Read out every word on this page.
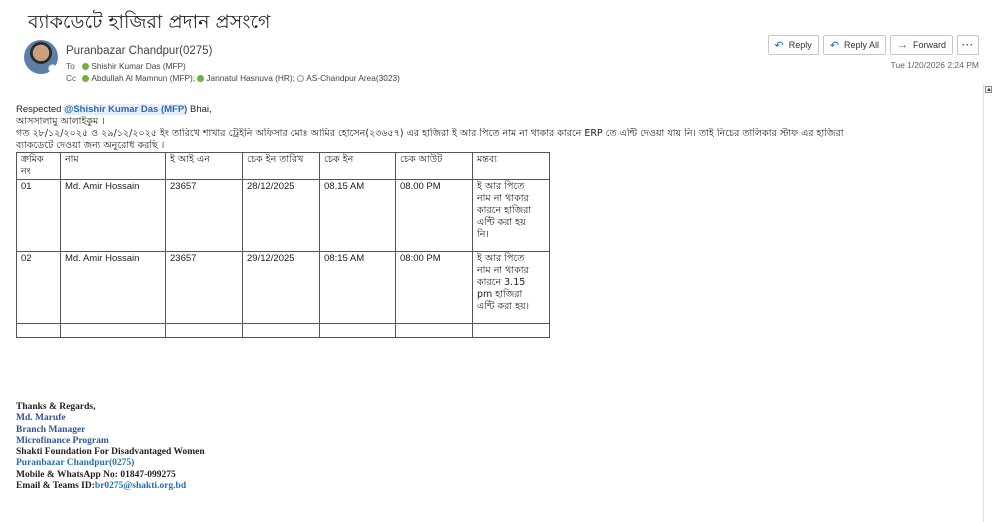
ব্যাকডেটে হাজিরা প্রদান প্রসংগে
Puranbazar Chandpur(0275)
To Shishir Kumar Das (MFP)
Cc Abdullah Al Mamnun (MFP); Jannatul Hasnuva (HR); AS-Chandpur Area(3023)
↶ Reply ↶ Reply All → Forward	···
Tue 1/20/2026 2:24 PM
Respected @Shishir Kumar Das (MFP) Bhai,
আসসালামু আলাইকুম ।
গত ২৮/১২/২০২৫ ও ২৯/১২/২০২৫ ইং তারিখে শাখার ট্রেইনি অফিসার মোঃ আমির হোসেন(২৩৬৫৭) এর হাজিরা ই আর পিতে নাম না থাকার কারনে ERP তে এন্টি দেওয়া যায় নি। তাই নিচের তালিকার স্টাফ এর হাজিরা
ব্যাকডেটে দেওয়া জন্য অনুরোধ করছি ।
ক্রমিক নং	নাম	ই আই এন	চেক ইন তারিখ	চেক ইন	চেক আউট	মন্তব্য
01	Md. Amir Hossain	23657	28/12/2025	08.15 AM	08.00 PM	ই আর পিতে
নাম না থাকার
কারনে হাজিরা
এন্টি করা হয়
নি।

02	Md. Amir Hossain	23657	29/12/2025	08:15 AM	08:00 PM	ই আর পিতে
নাম না থাকার
কারনে 3.15
pm হাজিরা
এন্টি করা হয়।

Thanks & Regards,
Md. Marufe
Branch Manager
Microfinance Program
Shakti Foundation For Disadvantaged Women
Puranbazar Chandpur(0275)
Mobile & WhatsApp No: 01847-099275
Email & Teams ID:br0275@shakti.org.bd
▲
